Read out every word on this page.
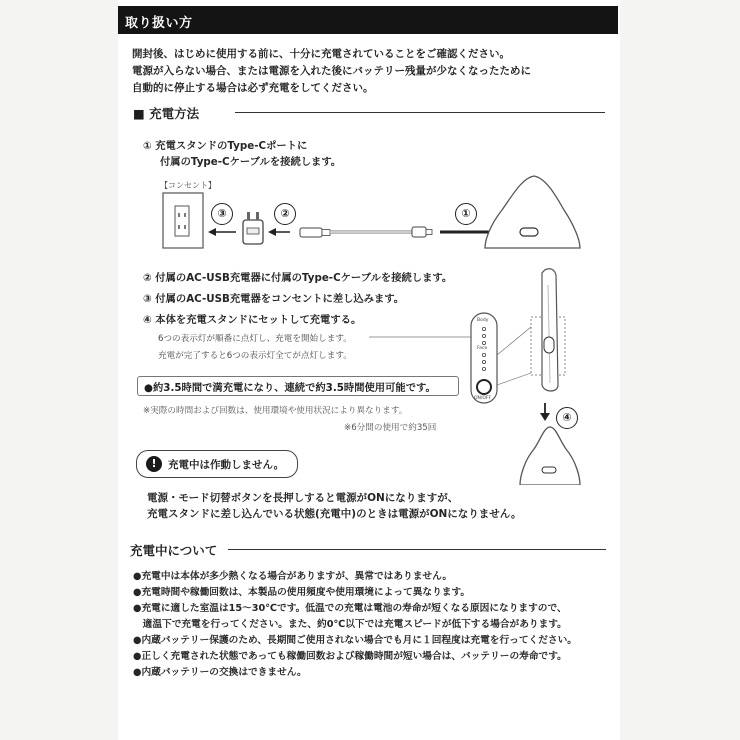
取り扱い方
開封後、はじめに使用する前に、十分に充電されていることをご確認ください。
電源が入らない場合、または電源を入れた後にバッテリー残量が少なくなったために
自動的に停止する場合は必ず充電をしてください。
■ 充電方法
① 充電スタンドのType-Cポートに
付属のType-Cケーブルを接続します。
【コンセント】
③	②	①
② 付属のAC-USB充電器に付属のType-Cケーブルを接続します。
③ 付属のAC-USB充電器をコンセントに差し込みます。
④ 本体を充電スタンドにセットして充電する。
6つの表示灯が順番に点灯し、充電を開始します。
充電が完了すると6つの表示灯全てが点灯します。
Body
Face
ON/OFF
④
●約3.5時間で満充電になり、連続で約3.5時間使用可能です。
※実際の時間および回数は、使用環境や使用状況により異なります。
※6分間の使用で約35回
!	充電中は作動しません。
電源・モード切替ボタンを長押しすると電源がONになりますが、
充電スタンドに差し込んでいる状態(充電中)のときは電源がONになりません。
充電中について
●充電中は本体が多少熱くなる場合がありますが、異常ではありません。
●充電時間や稼働回数は、本製品の使用頻度や使用環境によって異なります。
●充電に適した室温は15～30℃です。低温での充電は電池の寿命が短くなる原因になりますので、
　適温下で充電を行ってください。また、約0℃以下では充電スピードが低下する場合があります。
●内蔵バッテリー保護のため、長期間ご使用されない場合でも月に１回程度は充電を行ってください。
●正しく充電された状態であっても稼働回数および稼働時間が短い場合は、バッテリーの寿命です。
●内蔵バッテリーの交換はできません。
